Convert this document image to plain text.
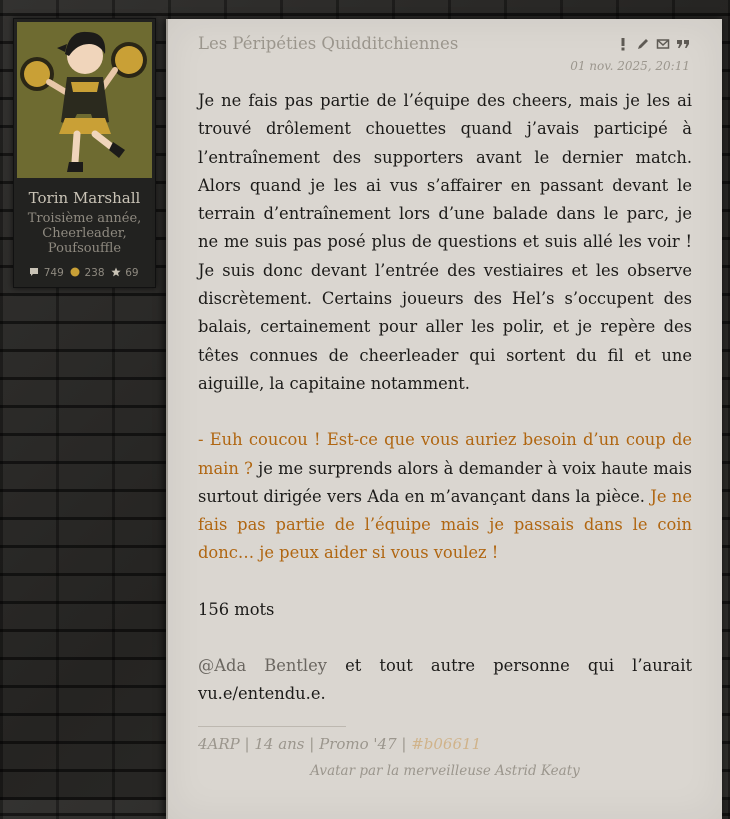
Torin Marshall
Troisième année,
Cheerleader,
Poufsouffle
749 238 69
Les Péripéties Quidditchiennes
01 nov. 2025, 20:11

Je ne fais pas partie de l’équipe des cheers, mais je les ai trouvé drôlement chouettes quand j’avais participé à l’entraînement des supporters avant le dernier match. Alors quand je les ai vus s’affairer en passant devant le terrain d’entraînement lors d’une balade dans le parc, je ne me suis pas posé plus de questions et suis allé les voir ! Je suis donc devant l’entrée des vestiaires et les observe discrètement. Certains joueurs des Hel’s s’occupent des balais, certainement pour aller les polir, et je repère des têtes connues de cheerleader qui sortent du fil et une aiguille, la capitaine notamment.

- Euh coucou ! Est-ce que vous auriez besoin d’un coup de main ? je me surprends alors à demander à voix haute mais surtout dirigée vers Ada en m’avançant dans la pièce. Je ne fais pas partie de l’équipe mais je passais dans le coin donc… je peux aider si vous voulez !

156 mots

@Ada Bentley et tout autre personne qui l’aurait vu.e/entendu.e.

4ARP | 14 ans | Promo '47 | #b06611
Avatar par la merveilleuse Astrid Keaty
